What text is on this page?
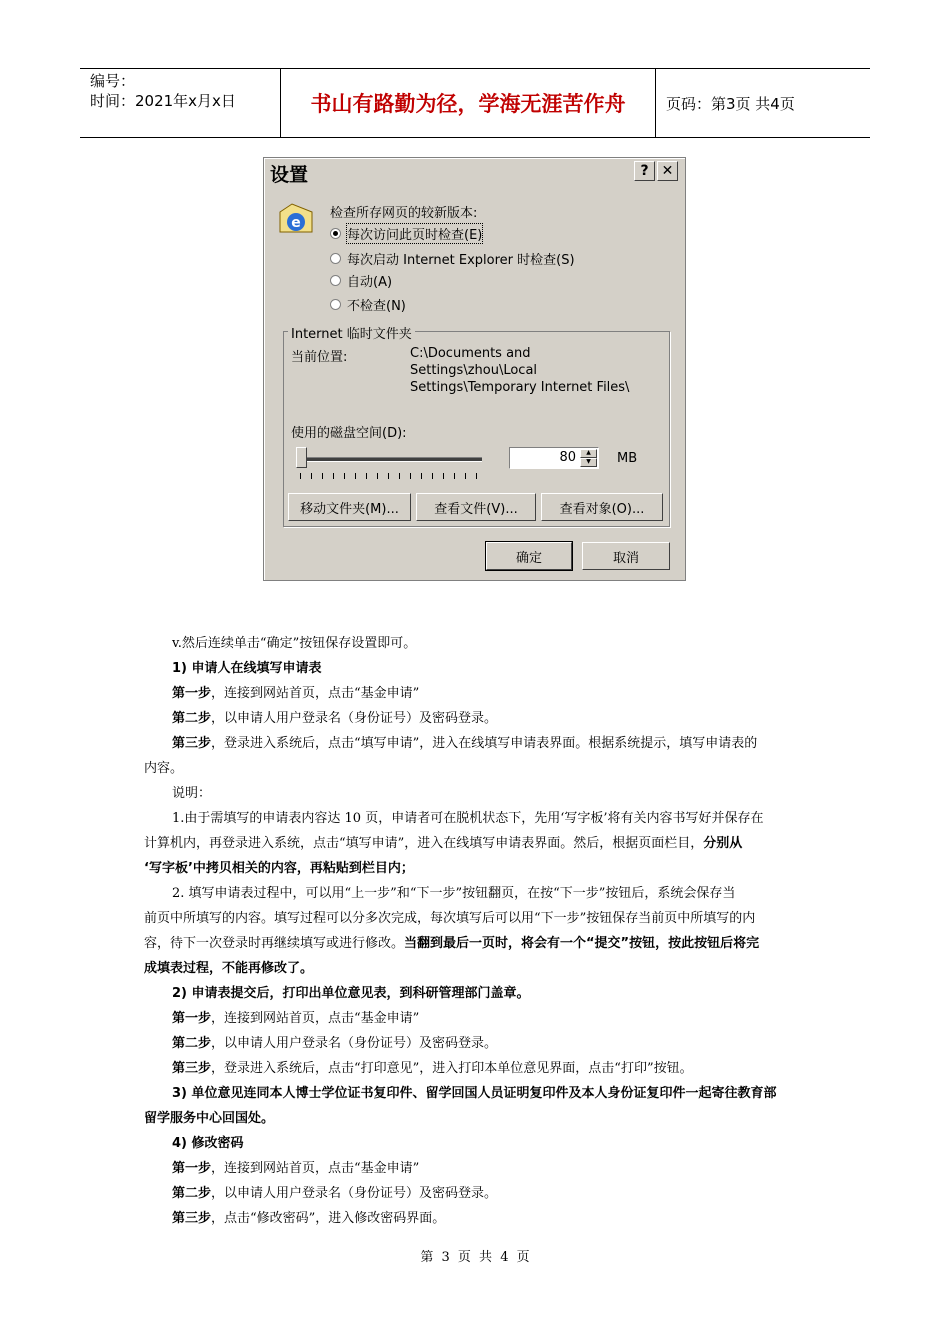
编号：
时间：2021年x月x日	书山有路勤为径，学海无涯苦作舟	页码：第3页 共4页
设置	? ✕
e
检查所存网页的较新版本:
每次访问此页时检查(E)
每次启动 Internet Explorer 时检查(S)
自动(A)
不检查(N)
Internet 临时文件夹
当前位置:	C:\Documents and
Settings\zhou\Local
Settings\Temporary Internet Files\
使用的磁盘空间(D):
80	▲
▼	MB
移动文件夹(M)...	查看文件(V)...	查看对象(O)...
确定	取消
v.然后连续单击“确定”按钮保存设置即可。
1) 申请人在线填写申请表
第一步，连接到网站首页，点击“基金申请”
第二步，以申请人用户登录名（身份证号）及密码登录。
第三步，登录进入系统后，点击“填写申请”，进入在线填写申请表界面。根据系统提示，填写申请表的
内容。
说明：
1.由于需填写的申请表内容达 10 页，申请者可在脱机状态下，先用‘写字板’将有关内容书写好并保存在
计算机内，再登录进入系统，点击“填写申请”，进入在线填写申请表界面。然后，根据页面栏目，分别从
‘写字板’中拷贝相关的内容，再粘贴到栏目内；
2. 填写申请表过程中，可以用“上一步”和“下一步”按钮翻页，在按“下一步”按钮后，系统会保存当
前页中所填写的内容。填写过程可以分多次完成，每次填写后可以用“下一步”按钮保存当前页中所填写的内
容，待下一次登录时再继续填写或进行修改。当翻到最后一页时，将会有一个“提交”按钮，按此按钮后将完
成填表过程，不能再修改了。
2) 申请表提交后，打印出单位意见表，到科研管理部门盖章。
第一步，连接到网站首页，点击“基金申请”
第二步，以申请人用户登录名（身份证号）及密码登录。
第三步，登录进入系统后，点击“打印意见”，进入打印本单位意见界面，点击“打印”按钮。
3) 单位意见连同本人博士学位证书复印件、留学回国人员证明复印件及本人身份证复印件一起寄往教育部
留学服务中心回国处。
4) 修改密码
第一步，连接到网站首页，点击“基金申请”
第二步，以申请人用户登录名（身份证号）及密码登录。
第三步，点击“修改密码”，进入修改密码界面。
第 3 页 共 4 页
